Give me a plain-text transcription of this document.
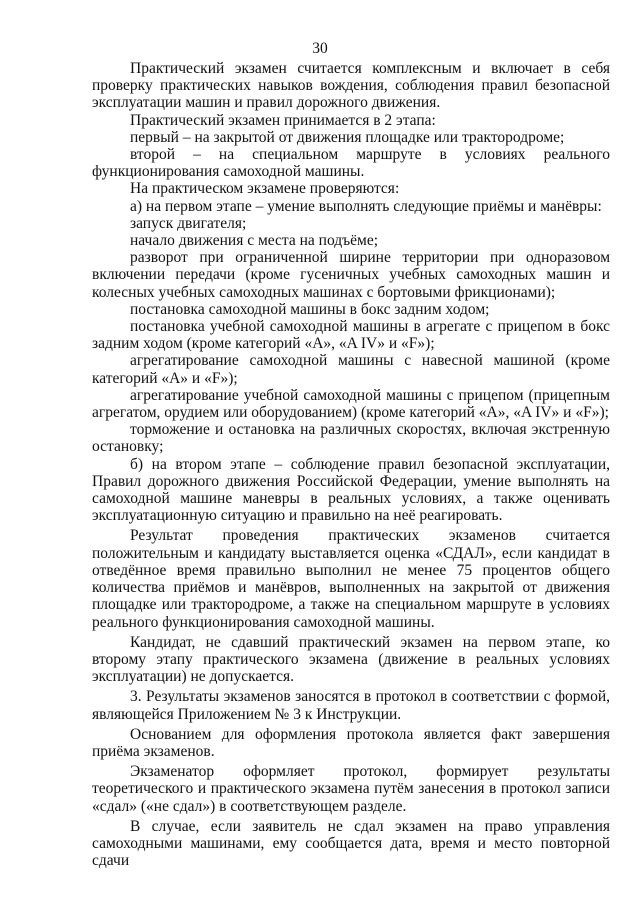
30

Практический экзамен считается комплексным и включает в себя проверку практических навыков вождения, соблюдения правил безопасной эксплуатации машин и правил дорожного движения.

Практический экзамен принимается в 2 этапа:

первый – на закрытой от движения площадке или трактородроме;

второй – на специальном маршруте в условиях реального функционирования самоходной машины.

На практическом экзамене проверяются:

а) на первом этапе – умение выполнять следующие приёмы и манёвры:

запуск двигателя;

начало движения с места на подъёме;

разворот при ограниченной ширине территории при одноразовом включении передачи (кроме гусеничных учебных самоходных машин и колесных учебных самоходных машинах с бортовыми фрикционами);

постановка самоходной машины в бокс задним ходом;

постановка учебной самоходной машины в агрегате с прицепом в бокс задним ходом (кроме категорий «А», «A IV» и «F»);

агрегатирование самоходной машины с навесной машиной (кроме категорий «А» и «F»);

агрегатирование учебной самоходной машины с прицепом (прицепным агрегатом, орудием или оборудованием) (кроме категорий «А», «A IV» и «F»);

торможение и остановка на различных скоростях, включая экстренную остановку;

б) на втором этапе – соблюдение правил безопасной эксплуатации, Правил дорожного движения Российской Федерации, умение выполнять на самоходной машине маневры в реальных условиях, а также оценивать эксплуатационную ситуацию и правильно на неё реагировать.

Результат проведения практических экзаменов считается положительным и кандидату выставляется оценка «СДАЛ», если кандидат в отведённое время правильно выполнил не менее 75 процентов общего количества приёмов и манёвров, выполненных на закрытой от движения площадке или трактородроме, а также на специальном маршруте в условиях реального функционирования самоходной машины.

Кандидат, не сдавший практический экзамен на первом этапе, ко второму этапу практического экзамена (движение в реальных условиях эксплуатации) не допускается.

3. Результаты экзаменов заносятся в протокол в соответствии с формой, являющейся Приложением № 3 к Инструкции.

Основанием для оформления протокола является факт завершения приёма экзаменов.

Экзаменатор оформляет протокол, формирует результаты теоретического и практического экзамена путём занесения в протокол записи «сдал» («не сдал») в соответствующем разделе.

В случае, если заявитель не сдал экзамен на право управления самоходными машинами, ему сообщается дата, время и место повторной сдачи
